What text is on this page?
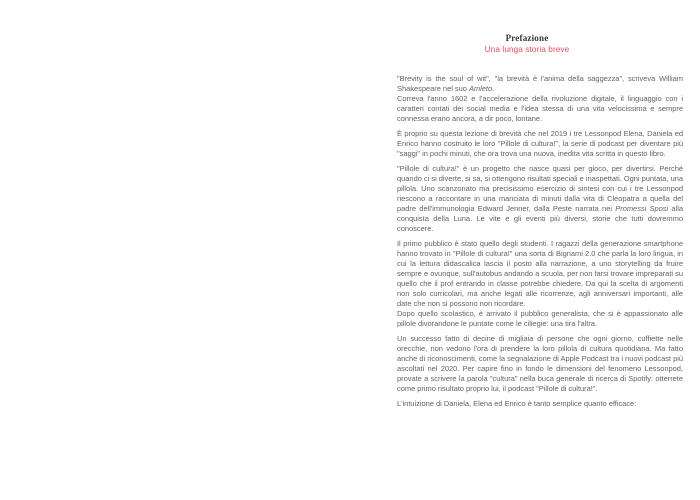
Prefazione
Una lunga storia breve

"Brevity is the soul of wit", "la brevità è l'anima della saggezza", scriveva William Shakespeare nel suo Amleto.

Correva l'anno 1602 e l'accelerazione della rivoluzione digitale, il linguaggio con i caratteri contati dei social media e l'idea stessa di una vita velocissima e sempre connessa erano ancora, a dir poco, lontane.

È proprio su questa lezione di brevità che nel 2019 i tre Lessonpod Elena, Daniela ed Enrico hanno costruito le loro "Pillole di cultura!", la serie di podcast per diventare più "saggi" in pochi minuti, che ora trova una nuova, inedita vita scritta in questo libro.

"Pillole di cultura!" è un progetto che nasce quasi per gioco, per divertirsi. Perché quando ci si diverte, si sa, si ottengono risultati speciali e inaspettati. Ogni puntata, una pillola. Uno scanzonato ma precisissimo esercizio di sintesi con cui i tre Lessonpod riescono a raccontare in una manciata di minuti dalla vita di Cleopatra a quella del padre dell'immunologia Edward Jenner, dalla Peste narrata nei Promessi Sposi alla conquista della Luna. Le vite e gli eventi più diversi, storie che tutti dovremmo conoscere.

Il primo pubblico è stato quello degli studenti. I ragazzi della generazione smartphone hanno trovato in "Pillole di cultura!" una sorta di Bignami 2.0 che parla la loro lingua, in cui la lettura didascalica lascia il posto alla narrazione, a uno storytelling da fruire sempre e ovunque, sull'autobus andando a scuola, per non farsi trovare impreparati su quello che il prof entrando in classe potrebbe chiedere. Da qui la scelta di argomenti non solo curricolari, ma anche legati alle ricorrenze, agli anniversari importanti, alle date che non si possono non ricordare.

Dopo quello scolastico, è arrivato il pubblico generalista, che si è appassionato alle pillole divorandone le puntate come le ciliegie: una tira l'altra.

Un successo fatto di decine di migliaia di persone che ogni giorno, cuffiette nelle orecchie, non vedono l'ora di prendere la loro pillola di cultura quotidiana. Ma fatto anche di riconoscimenti, come la segnalazione di Apple Podcast tra i nuovi podcast più ascoltati nel 2020. Per capire fino in fondo le dimensioni del fenomeno Lessonpod, provate a scrivere la parola "cultura" nella buca generale di ricerca di Spotify: otterrete come primo risultato proprio lui, il podcast "Pillole di cultura!".

L'intuizione di Daniela, Elena ed Enrico è tanto semplice quanto efficace:
